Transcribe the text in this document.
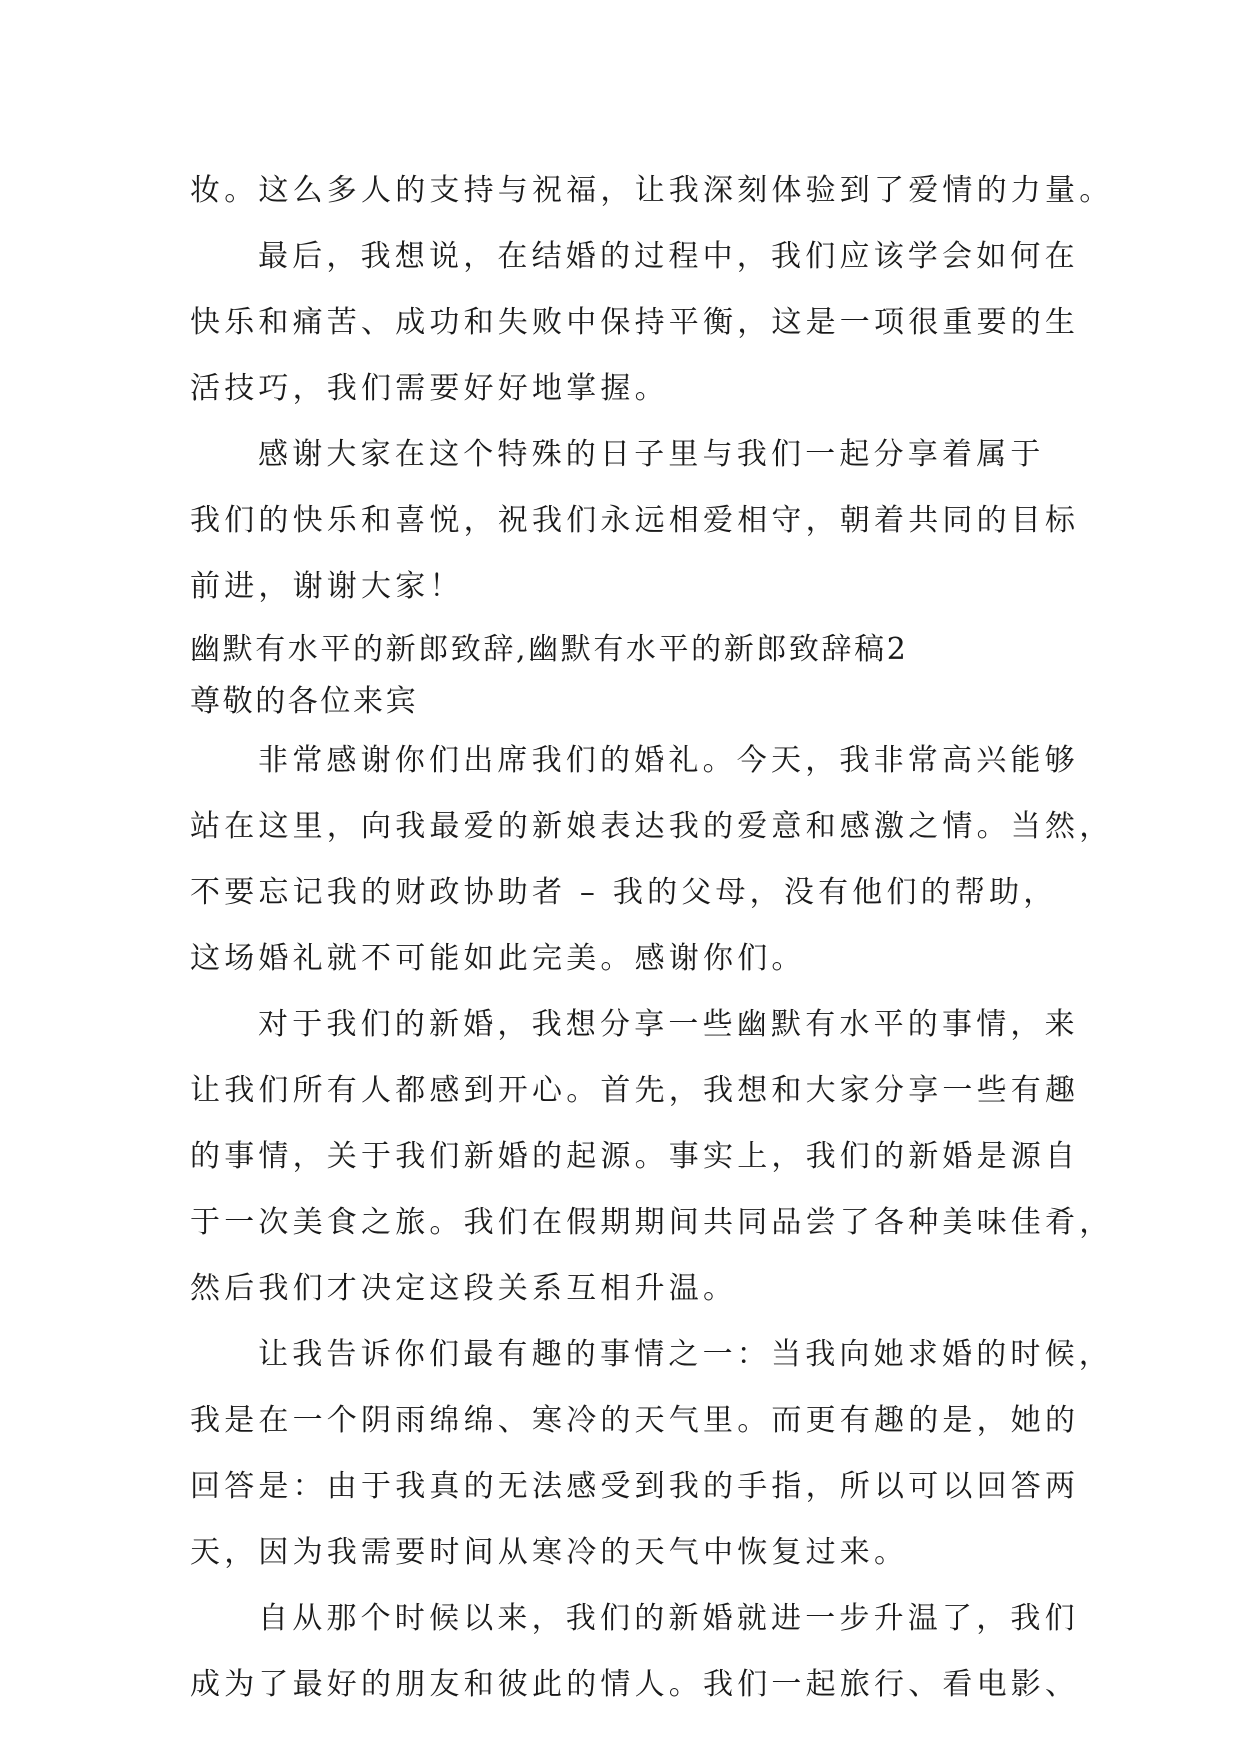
妆。这么多人的支持与祝福，让我深刻体验到了爱情的力量。
最后，我想说，在结婚的过程中，我们应该学会如何在
快乐和痛苦、成功和失败中保持平衡，这是一项很重要的生
活技巧，我们需要好好地掌握。
感谢大家在这个特殊的日子里与我们一起分享着属于
我们的快乐和喜悦，祝我们永远相爱相守，朝着共同的目标
前进，谢谢大家！
幽默有水平的新郎致辞,幽默有水平的新郎致辞稿2
尊敬的各位来宾
非常感谢你们出席我们的婚礼。今天，我非常高兴能够
站在这里，向我最爱的新娘表达我的爱意和感激之情。当然，
不要忘记我的财政协助者 – 我的父母，没有他们的帮助，
这场婚礼就不可能如此完美。感谢你们。
对于我们的新婚，我想分享一些幽默有水平的事情，来
让我们所有人都感到开心。首先，我想和大家分享一些有趣
的事情，关于我们新婚的起源。事实上，我们的新婚是源自
于一次美食之旅。我们在假期期间共同品尝了各种美味佳肴，
然后我们才决定这段关系互相升温。
让我告诉你们最有趣的事情之一：当我向她求婚的时候，
我是在一个阴雨绵绵、寒冷的天气里。而更有趣的是，她的
回答是：由于我真的无法感受到我的手指，所以可以回答两
天，因为我需要时间从寒冷的天气中恢复过来。
自从那个时候以来，我们的新婚就进一步升温了，我们
成为了最好的朋友和彼此的情人。我们一起旅行、看电影、
